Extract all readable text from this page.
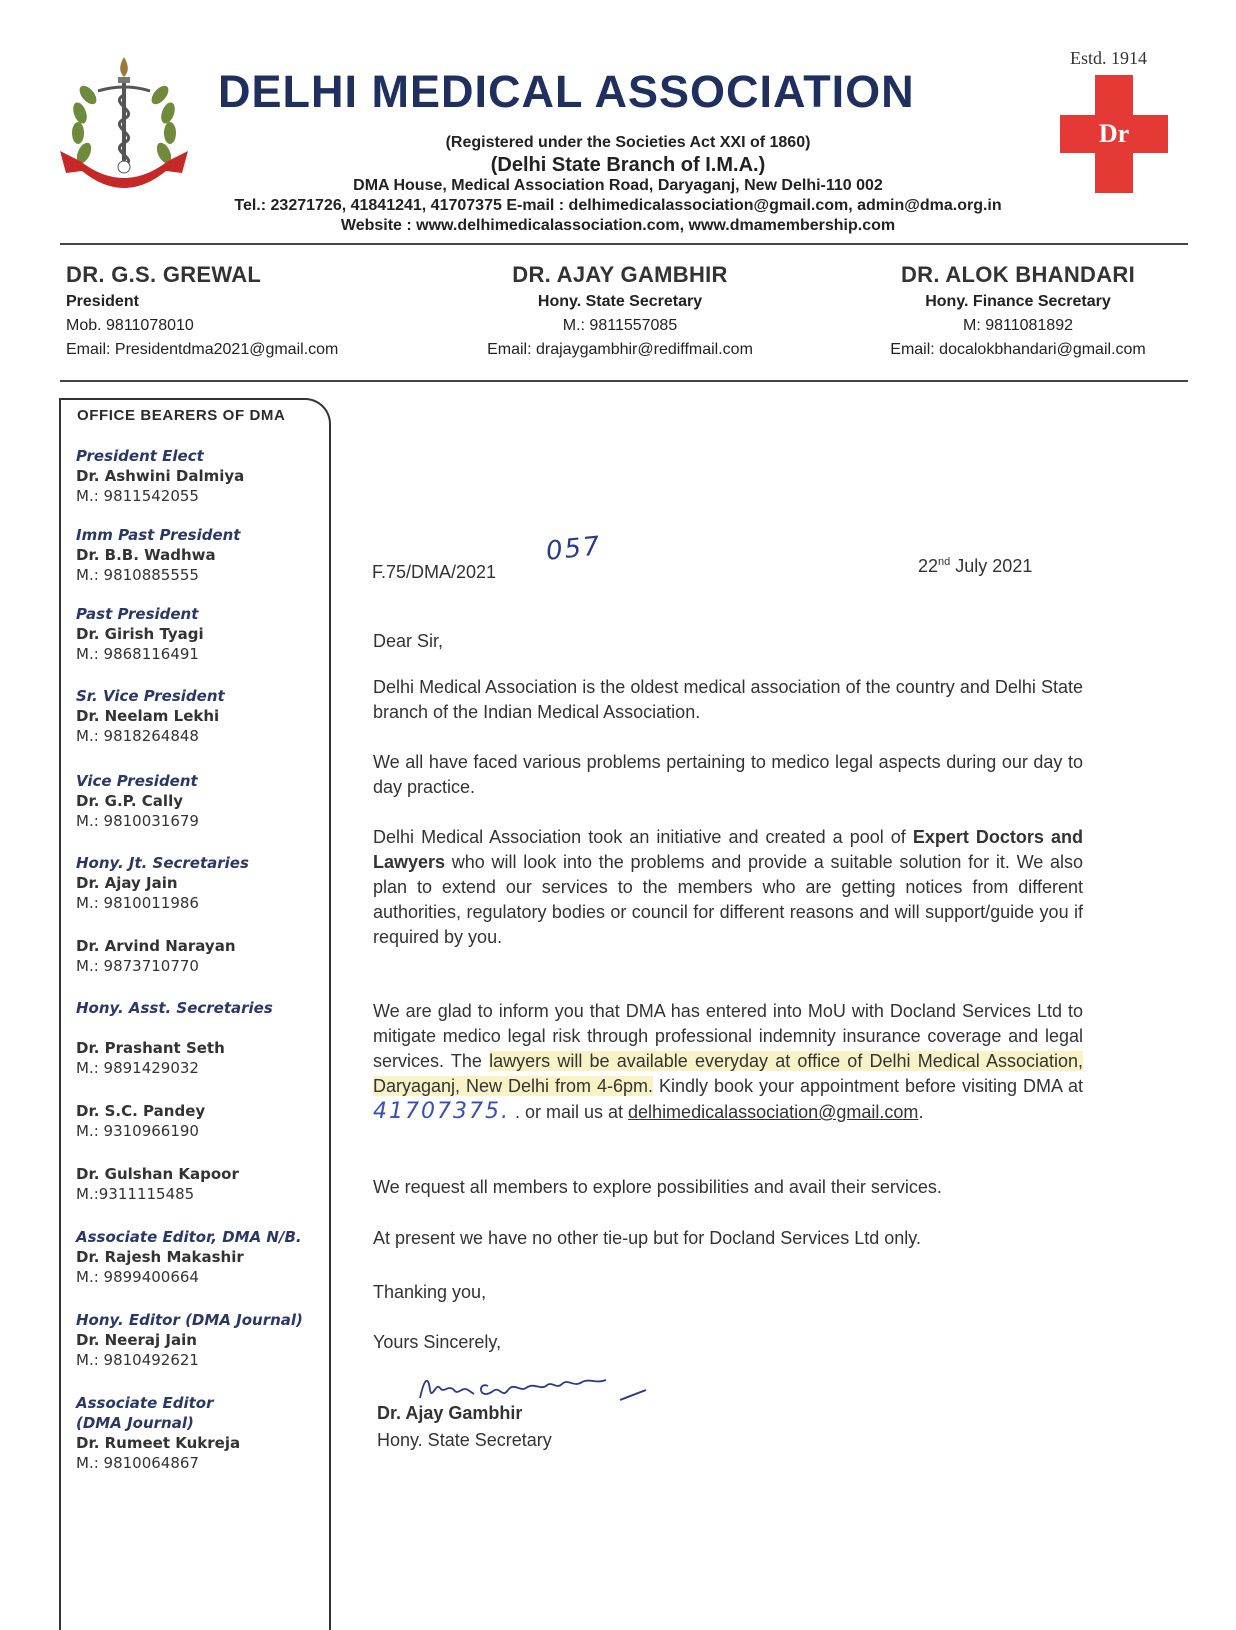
DELHI MEDICAL ASSOCIATION
Estd. 1914
Dr
(Registered under the Societies Act XXI of 1860)
(Delhi State Branch of I.M.A.)
DMA House, Medical Association Road, Daryaganj, New Delhi-110 002
Tel.: 23271726, 41841241, 41707375 E-mail : delhimedicalassociation@gmail.com, admin@dma.org.in
Website : www.delhimedicalassociation.com, www.dmamembership.com
DR. G.S. GREWAL
President
Mob. 9811078010
Email: Presidentdma2021@gmail.com
DR. AJAY GAMBHIR
Hony. State Secretary
M.: 9811557085
Email: drajaygambhir@rediffmail.com
DR. ALOK BHANDARI
Hony. Finance Secretary
M: 9811081892
Email: docalokbhandari@gmail.com
OFFICE BEARERS OF DMA
President Elect
Dr. Ashwini Dalmiya
M.: 9811542055
Imm Past President
Dr. B.B. Wadhwa
M.: 9810885555
Past President
Dr. Girish Tyagi
M.: 9868116491
Sr. Vice President
Dr. Neelam Lekhi
M.: 9818264848
Vice President
Dr. G.P. Cally
M.: 9810031679
Hony. Jt. Secretaries
Dr. Ajay Jain
M.: 9810011986
Dr. Arvind Narayan
M.: 9873710770
Hony. Asst. Secretaries
Dr. Prashant Seth
M.: 9891429032
Dr. S.C. Pandey
M.: 9310966190
Dr. Gulshan Kapoor
M.:9311115485
Associate Editor, DMA N/B.
Dr. Rajesh Makashir
M.: 9899400664
Hony. Editor (DMA Journal)
Dr. Neeraj Jain
M.: 9810492621
Associate Editor
(DMA Journal)
Dr. Rumeet Kukreja
M.: 9810064867
F.75/DMA/2021
057	22nd July 2021
Dear Sir,
Delhi Medical Association is the oldest medical association of the country and Delhi State branch of the Indian Medical Association.
We all have faced various problems pertaining to medico legal aspects during our day to day practice.
Delhi Medical Association took an initiative and created a pool of Expert Doctors and Lawyers who will look into the problems and provide a suitable solution for it. We also plan to extend our services to the members who are getting notices from different authorities, regulatory bodies or council for different reasons and will support/guide you if required by you.
We are glad to inform you that DMA has entered into MoU with Docland Services Ltd to mitigate medico legal risk through professional indemnity insurance coverage and legal services. The lawyers will be available everyday at office of Delhi Medical Association, Daryaganj, New Delhi from 4-6pm. Kindly book your appointment before visiting DMA at 41707375. . or mail us at delhimedicalassociation@gmail.com.
We request all members to explore possibilities and avail their services.
At present we have no other tie-up but for Docland Services Ltd only.
Thanking you,
Yours Sincerely,
Dr. Ajay Gambhir
Hony. State Secretary
